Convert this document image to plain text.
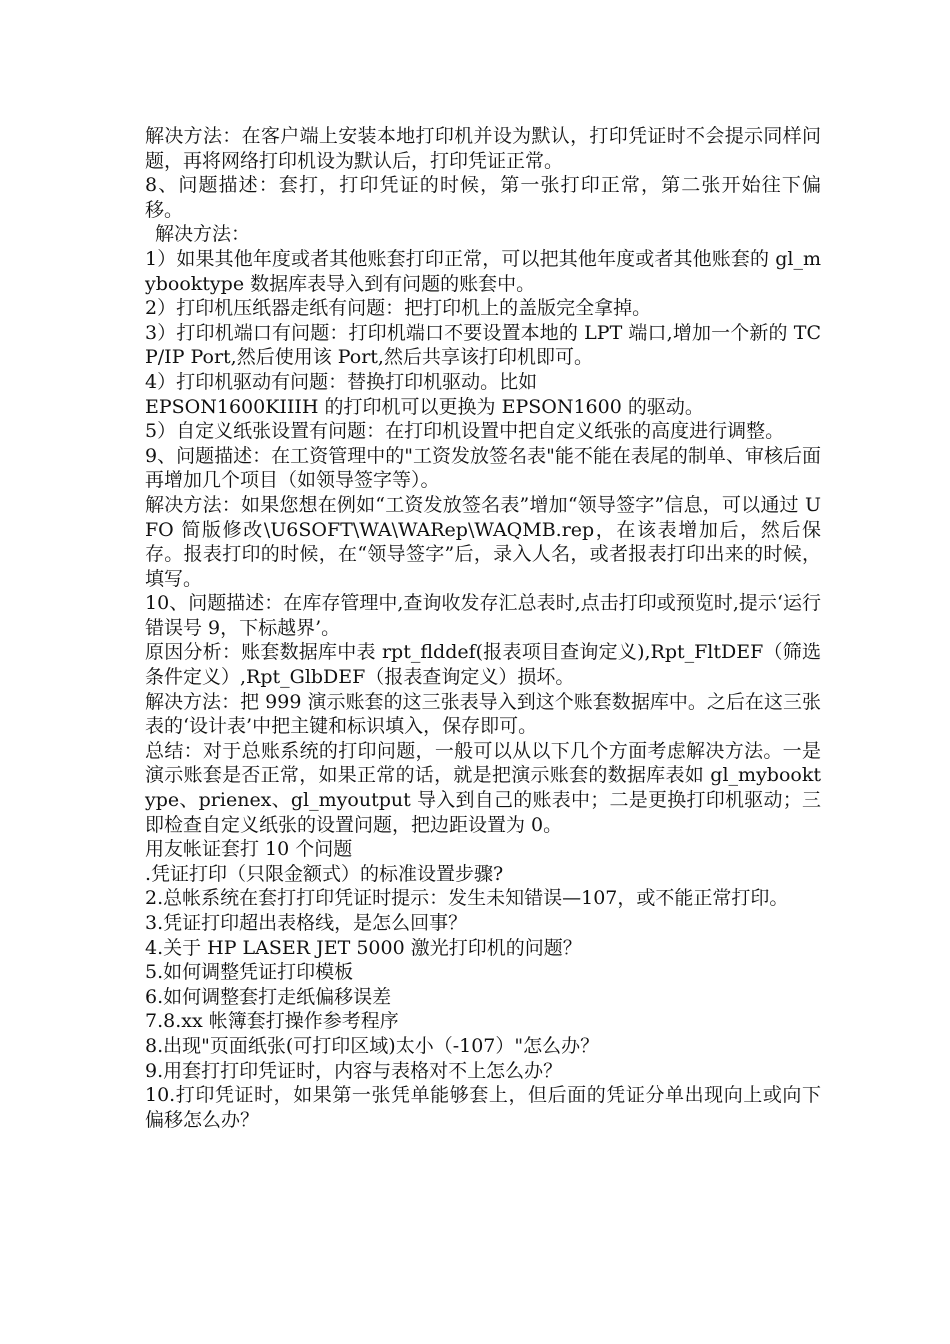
解决方法：在客户端上安装本地打印机并设为默认，打印凭证时不会提示同样问题，再将网络打印机设为默认后，打印凭证正常。

8、问题描述：套打，打印凭证的时候，第一张打印正常，第二张开始往下偏移。

解决方法：

1）如果其他年度或者其他账套打印正常，可以把其他年度或者其他账套的 gl_mybooktype 数据库表导入到有问题的账套中。

2）打印机压纸器走纸有问题：把打印机上的盖版完全拿掉。

3）打印机端口有问题：打印机端口不要设置本地的 LPT 端口,增加一个新的 TCP/IP Port,然后使用该 Port,然后共享该打印机即可。

4）打印机驱动有问题：替换打印机驱动。比如

EPSON1600KIIIH 的打印机可以更换为 EPSON1600 的驱动。

5）自定义纸张设置有问题：在打印机设置中把自定义纸张的高度进行调整。

9、问题描述：在工资管理中的"工资发放签名表"能不能在表尾的制单、审核后面再增加几个项目（如领导签字等）。

解决方法：如果您想在例如“工资发放签名表”增加“领导签字”信息，可以通过 UFO 简版修改\U6SOFT\WA\WARep\WAQMB.rep，在该表增加后，然后保存。报表打印的时候，在“领导签字”后，录入人名，或者报表打印出来的时候，填写。

10、问题描述：在库存管理中,查询收发存汇总表时,点击打印或预览时,提示‘运行错误号 9，下标越界’。

原因分析：账套数据库中表 rpt_flddef(报表项目查询定义),Rpt_FltDEF（筛选条件定义）,Rpt_GlbDEF（报表查询定义）损坏。

解决方法：把 999 演示账套的这三张表导入到这个账套数据库中。之后在这三张表的‘设计表’中把主键和标识填入，保存即可。

总结：对于总账系统的打印问题，一般可以从以下几个方面考虑解决方法。一是演示账套是否正常，如果正常的话，就是把演示账套的数据库表如 gl_mybooktype、prienex、gl_myoutput 导入到自己的账表中；二是更换打印机驱动；三即检查自定义纸张的设置问题，把边距设置为 0。

用友帐证套打 10 个问题

.凭证打印（只限金额式）的标准设置步骤?

2.总帐系统在套打打印凭证时提示：发生未知错误—107，或不能正常打印。

3.凭证打印超出表格线，是怎么回事？

4.关于 HP LASER JET 5000 激光打印机的问题？

5.如何调整凭证打印模板

6.如何调整套打走纸偏移误差

7.8.xx 帐簿套打操作参考程序

8.出现"页面纸张(可打印区域)太小（-107）"怎么办？

9.用套打打印凭证时，内容与表格对不上怎么办？

10.打印凭证时，如果第一张凭单能够套上，但后面的凭证分单出现向上或向下偏移怎么办？
